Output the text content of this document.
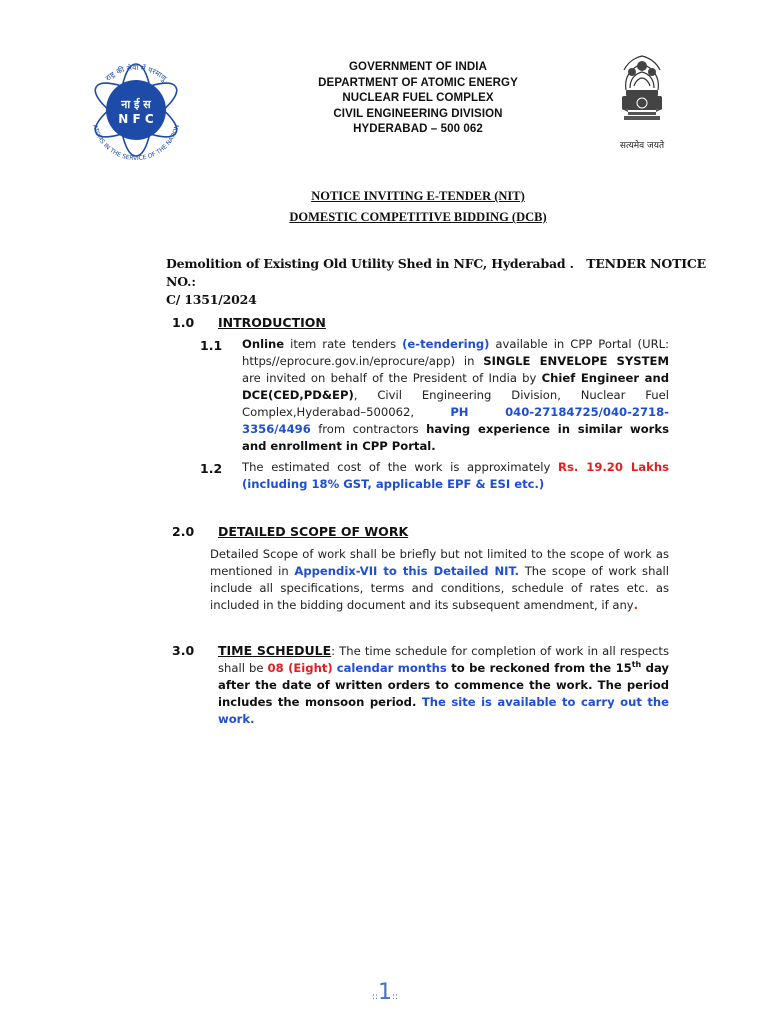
राष्ट्र की सेवा में परमाणु
ATOMS IN THE SERVICE OF THE NATION
ना ई स
N F C
GOVERNMENT OF INDIA
DEPARTMENT OF ATOMIC ENERGY
NUCLEAR FUEL COMPLEX
CIVIL ENGINEERING DIVISION
HYDERABAD – 500 062
सत्यमेव जयते
NOTICE INVITING E-TENDER (NIT)
DOMESTIC COMPETITIVE BIDDING (DCB)
Demolition of Existing Old Utility Shed in NFC, Hyderabad . TENDER NOTICE NO.:
C/ 1351/2024
1.0 INTRODUCTION
1.1 Online item rate tenders (e-tendering) available in CPP Portal (URL: https//eprocure.gov.in/eprocure/app) in SINGLE ENVELOPE SYSTEM are invited on behalf of the President of India by Chief Engineer and DCE(CED,PD&EP), Civil Engineering Division, Nuclear Fuel Complex,Hyderabad–500062, PH 040-27184725/040-2718-3356/4496 from contractors having experience in similar works and enrollment in CPP Portal.
1.2 The estimated cost of the work is approximately Rs. 19.20 Lakhs (including 18% GST, applicable EPF & ESI etc.)
2.0 DETAILED SCOPE OF WORK
Detailed Scope of work shall be briefly but not limited to the scope of work as mentioned in Appendix-VII to this Detailed NIT. The scope of work shall include all specifications, terms and conditions, schedule of rates etc. as included in the bidding document and its subsequent amendment, if any.
3.0 TIME SCHEDULE: The time schedule for completion of work in all respects shall be 08 (Eight) calendar months to be reckoned from the 15th day after the date of written orders to commence the work. The period includes the monsoon period. The site is available to carry out the work.
::1::
